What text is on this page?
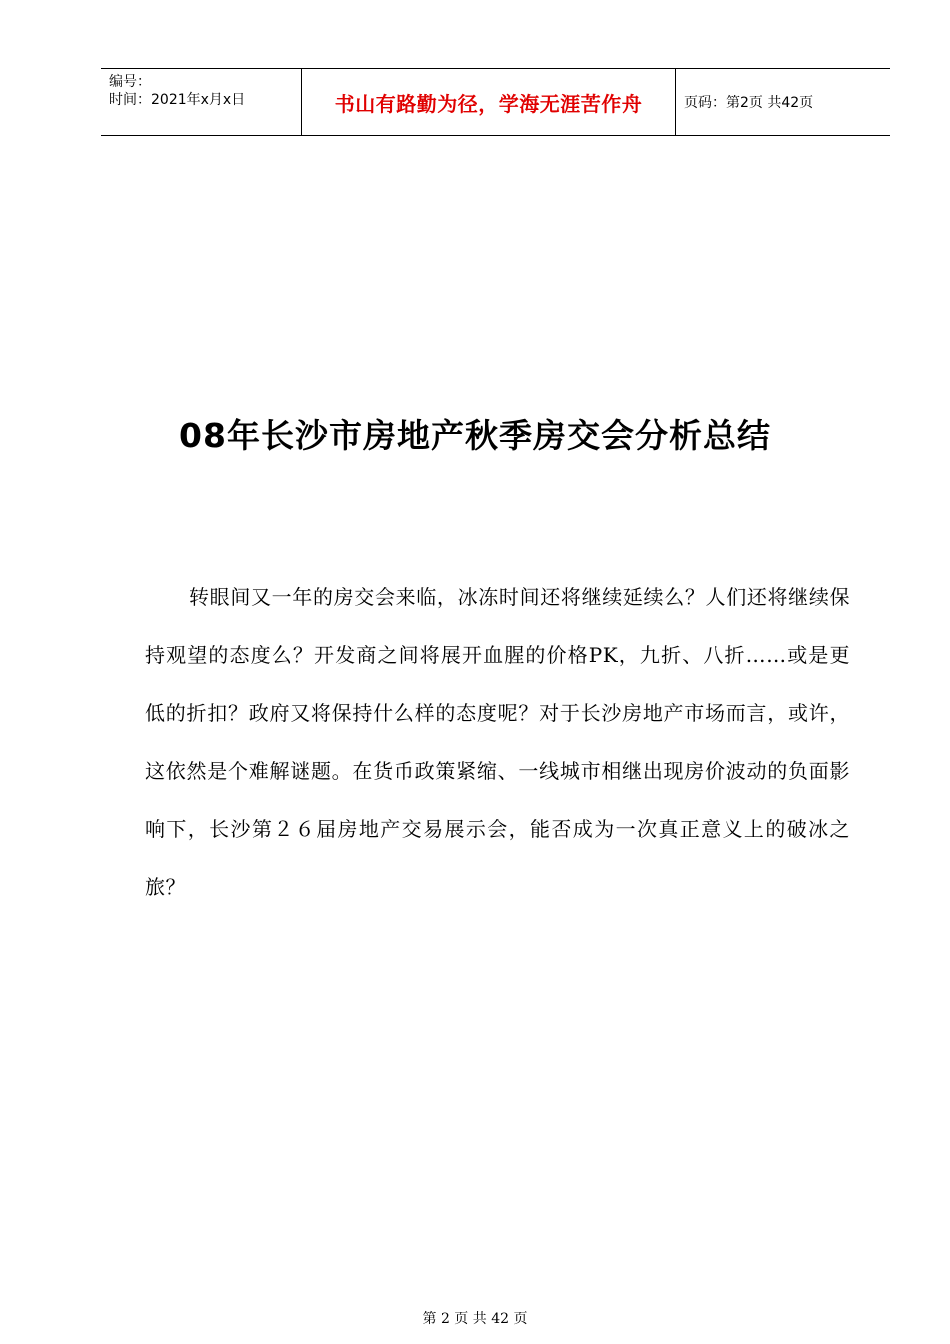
编号：
时间：2021年x月x日	书山有路勤为径，学海无涯苦作舟	页码：第2页 共42页
08年长沙市房地产秋季房交会分析总结
转眼间又一年的房交会来临，冰冻时间还将继续延续么？人们还将继续保持观望的态度么？开发商之间将展开血腥的价格PK，九折、八折……或是更低的折扣？政府又将保持什么样的态度呢？对于长沙房地产市场而言，或许，这依然是个难解谜题。在货币政策紧缩、一线城市相继出现房价波动的负面影响下，长沙第２６届房地产交易展示会，能否成为一次真正意义上的破冰之旅？
第 2 页 共 42 页
